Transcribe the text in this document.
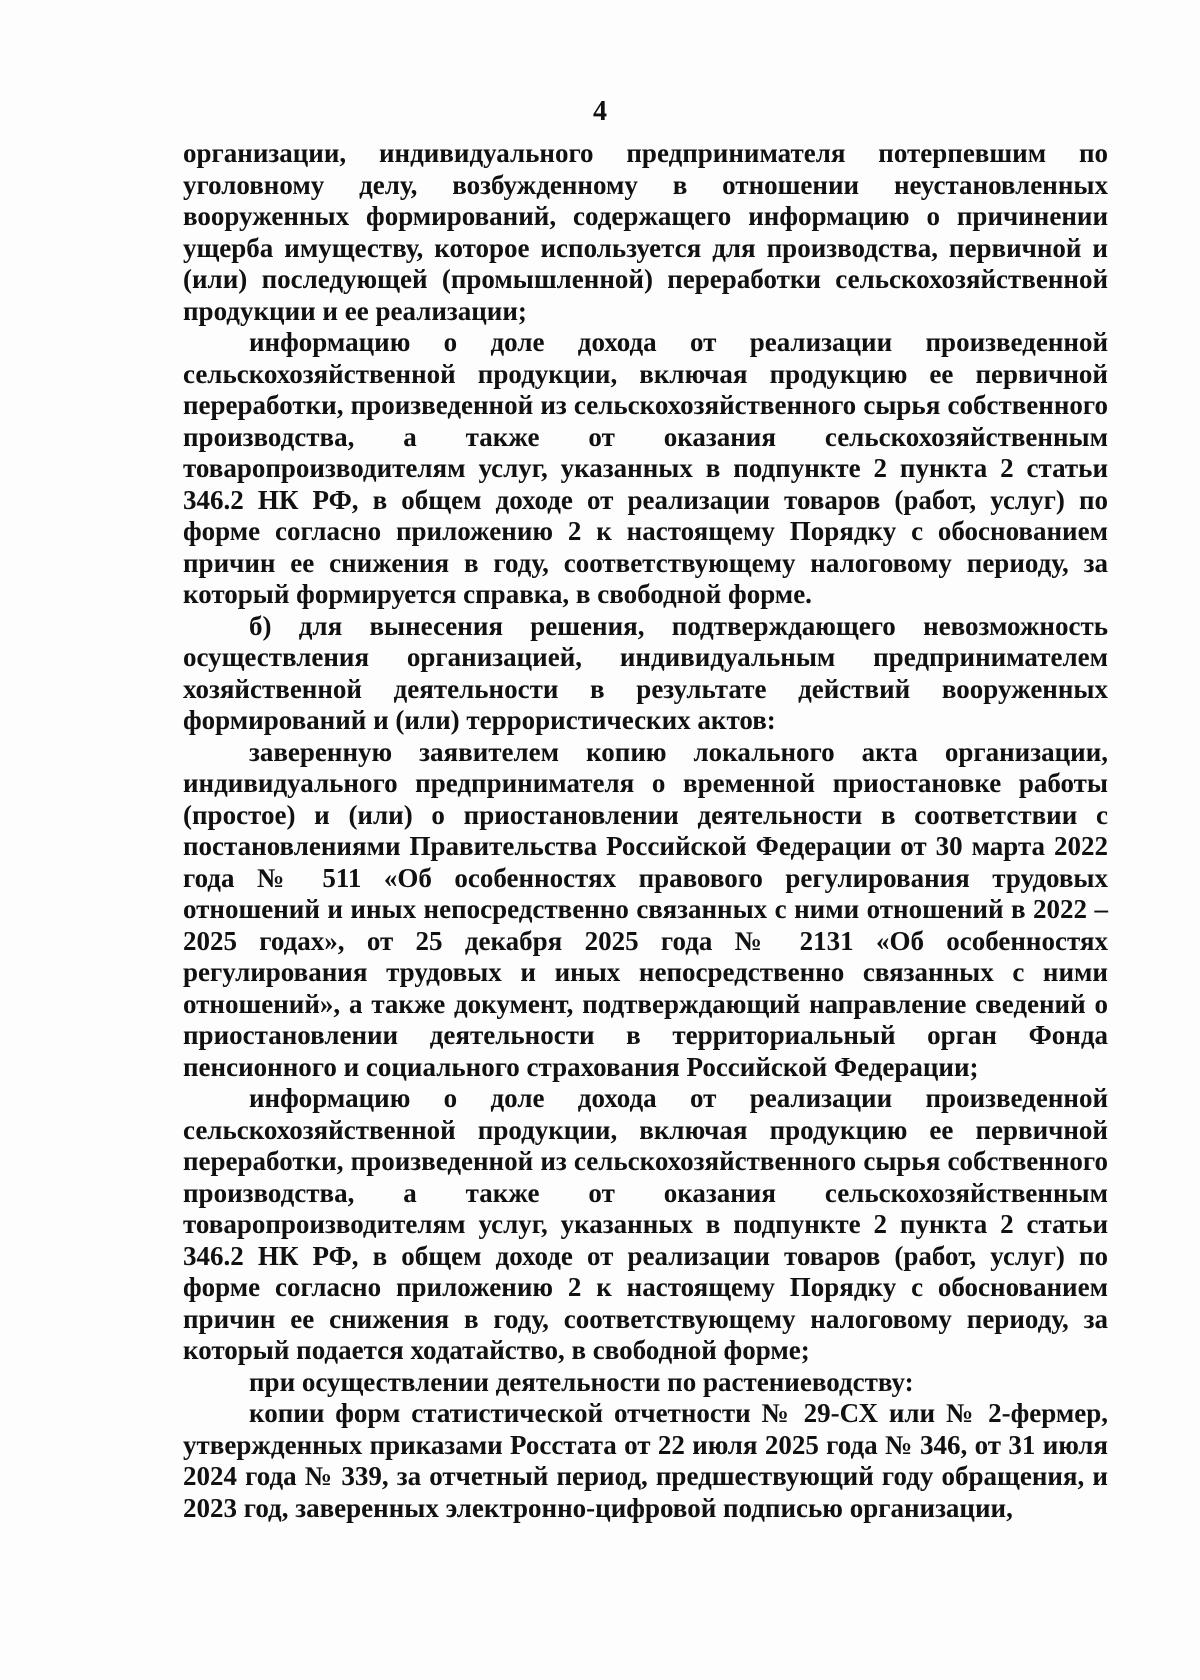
4

организации, индивидуального предпринимателя потерпевшим по уголовному делу, возбужденному в отношении неустановленных вооруженных формирований, содержащего информацию о причинении ущерба имуществу, которое используется для производства, первичной и (или) последующей (промышленной) переработки сельскохозяйственной продукции и ее реализации;

информацию о доле дохода от реализации произведенной сельскохозяйственной продукции, включая продукцию ее первичной переработки, произведенной из сельскохозяйственного сырья собственного производства, а также от оказания сельскохозяйственным товаропроизводителям услуг, указанных в подпункте 2 пункта 2 статьи 346.2 НК РФ, в общем доходе от реализации товаров (работ, услуг) по форме согласно приложению 2 к настоящему Порядку с обоснованием причин ее снижения в году, соответствующему налоговому периоду, за который формируется справка, в свободной форме.

б) для вынесения решения, подтверждающего невозможность осуществления организацией, индивидуальным предпринимателем хозяйственной деятельности в результате действий вооруженных формирований и (или) террористических актов:

заверенную заявителем копию локального акта организации, индивидуального предпринимателя о временной приостановке работы (простое) и (или) о приостановлении деятельности в соответствии с постановлениями Правительства Российской Федерации от 30 марта 2022 года № 511 «Об особенностях правового регулирования трудовых отношений и иных непосредственно связанных с ними отношений в 2022 – 2025 годах», от 25 декабря 2025 года № 2131 «Об особенностях регулирования трудовых и иных непосредственно связанных с ними отношений», а также документ, подтверждающий направление сведений о приостановлении деятельности в территориальный орган Фонда пенсионного и социального страхования Российской Федерации;

информацию о доле дохода от реализации произведенной сельскохозяйственной продукции, включая продукцию ее первичной переработки, произведенной из сельскохозяйственного сырья собственного производства, а также от оказания сельскохозяйственным товаропроизводителям услуг, указанных в подпункте 2 пункта 2 статьи 346.2 НК РФ, в общем доходе от реализации товаров (работ, услуг) по форме согласно приложению 2 к настоящему Порядку с обоснованием причин ее снижения в году, соответствующему налоговому периоду, за который подается ходатайство, в свободной форме;

при осуществлении деятельности по растениеводству:

копии форм статистической отчетности № 29-СХ или № 2-фермер, утвержденных приказами Росстата от 22 июля 2025 года № 346, от 31 июля 2024 года № 339, за отчетный период, предшествующий году обращения, и 2023 год, заверенных электронно-цифровой подписью организации,
